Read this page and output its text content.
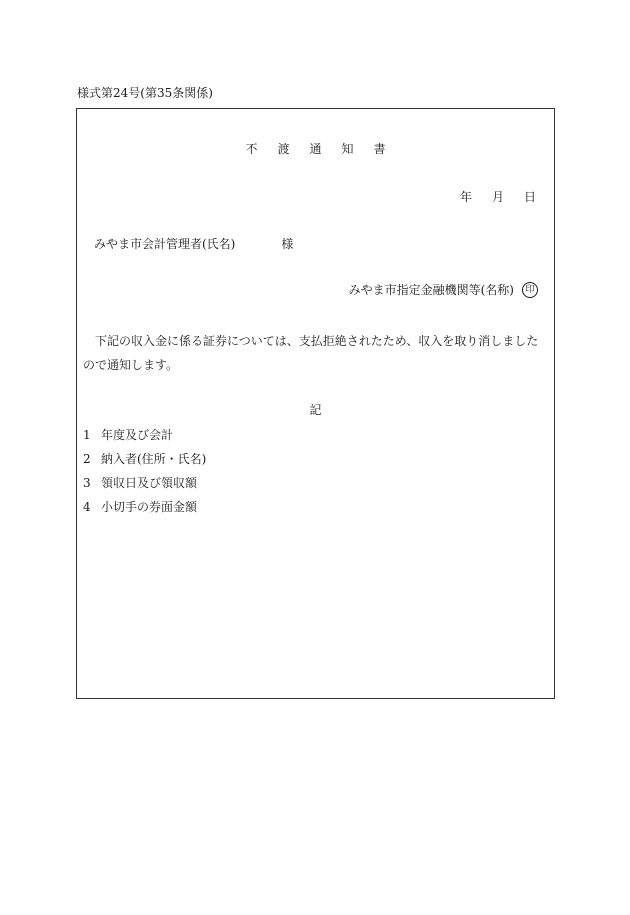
様式第24号(第35条関係)
不渡通知書
年月日
みやま市会計管理者(氏名)	様
みやま市指定金融機関等(名称)	印
下記の収入金に係る証券については、支払拒絶されたため、収入を取り消しましたので通知します。
記
1 年度及び会計
2 納入者(住所・氏名)
3 領収日及び領収額
4 小切手の券面金額
